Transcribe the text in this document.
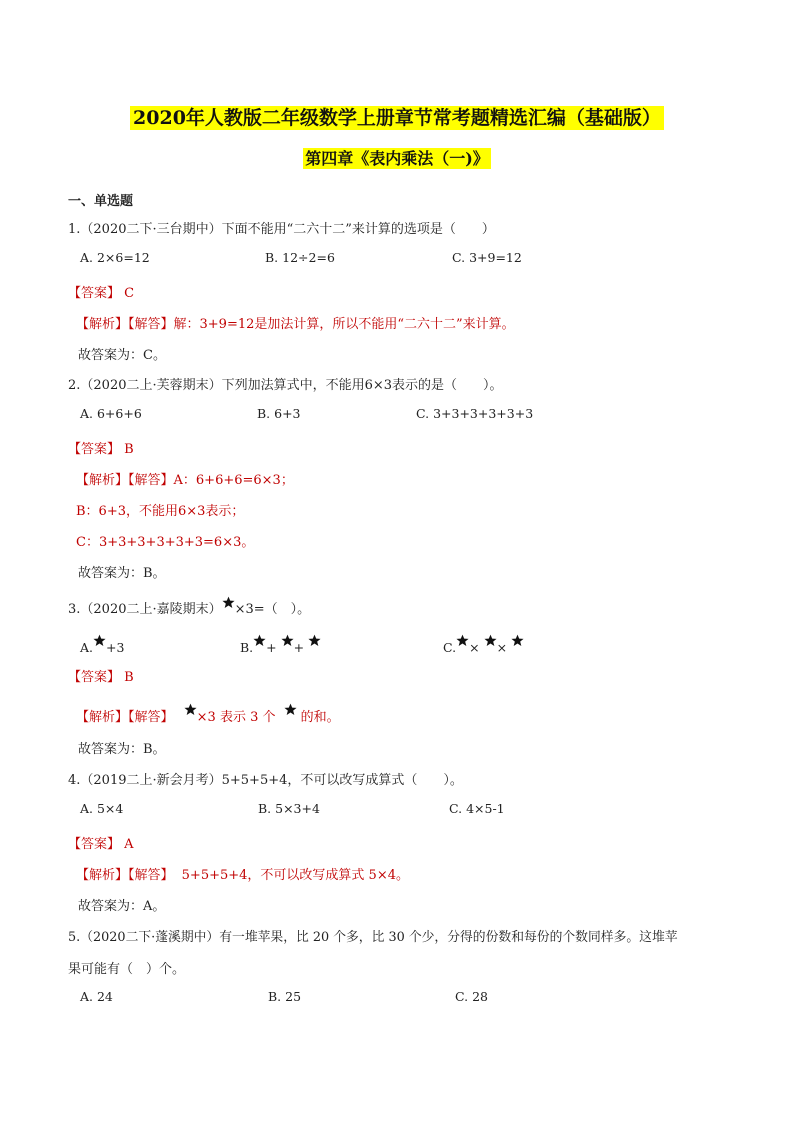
2020年人教版二年级数学上册章节常考题精选汇编（基础版）
第四章《表内乘法（一)》
一、单选题
1.（2020二下·三台期中）下面不能用“二六十二”来计算的选项是（　　）
A. 2×6=12	B. 12÷2=6	C. 3+9=12
【答案】 C
【解析】【解答】解：3+9=12是加法计算，所以不能用“二六十二”来计算。
故答案为：C。
2.（2020二上·芙蓉期末）下列加法算式中，不能用6×3表示的是（　　）。
A. 6+6+6	B. 6+3	C. 3+3+3+3+3+3
【答案】 B
【解析】【解答】A：6+6+6=6×3；
B：6+3，不能用6×3表示；
C：3+3+3+3+3+3=6×3。
故答案为：B。
3.（2020二上·嘉陵期末） ×3=（　）。
A. +3	B. + +	C. × ×
【答案】 B
【解析】【解答】 ×3 表示 3 个 的和。
故答案为：B。
4.（2019二上·新会月考）5+5+5+4，不可以改写成算式（　　）。
A. 5×4	B. 5×3+4	C. 4×5-1
【答案】 A
【解析】【解答】 5+5+5+4，不可以改写成算式 5×4。
故答案为：A。
5.（2020二下·蓬溪期中）有一堆苹果，比 20 个多，比 30 个少，分得的份数和每份的个数同样多。这堆苹
果可能有（　）个。
A. 24	B. 25	C. 28
